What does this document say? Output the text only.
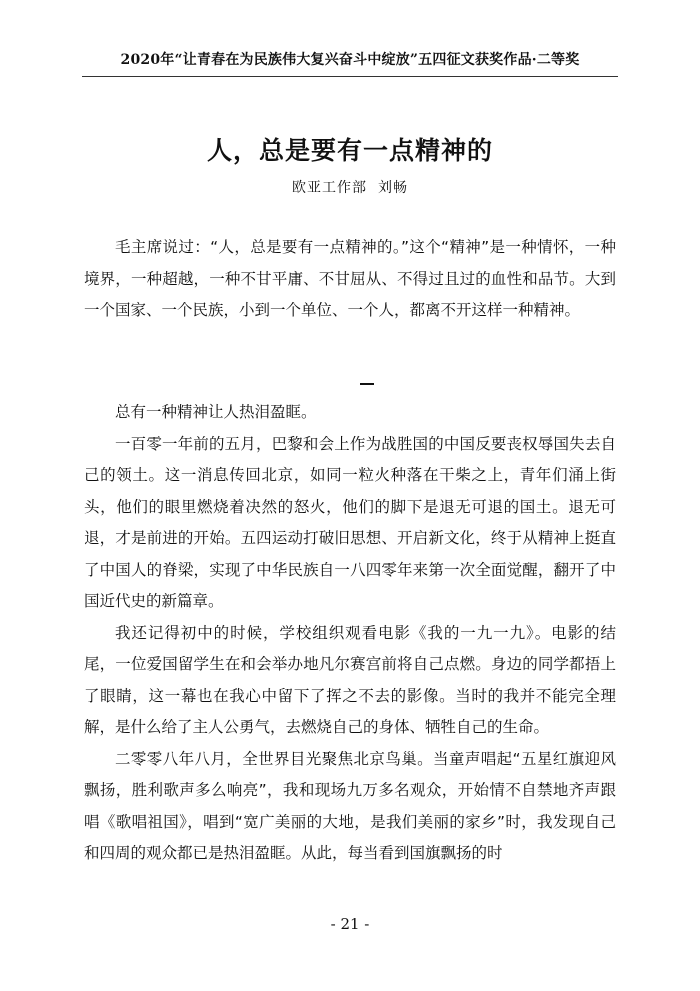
2020年“让青春在为民族伟大复兴奋斗中绽放”五四征文获奖作品·二等奖
人，总是要有一点精神的
欧亚工作部  刘畅

毛主席说过：“人，总是要有一点精神的。”这个“精神”是一种情怀，一种境界，一种超越，一种不甘平庸、不甘屈从、不得过且过的血性和品节。大到一个国家、一个民族，小到一个单位、一个人，都离不开这样一种精神。

总有一种精神让人热泪盈眶。

一百零一年前的五月，巴黎和会上作为战胜国的中国反要丧权辱国失去自己的领土。这一消息传回北京，如同一粒火种落在干柴之上，青年们涌上街头，他们的眼里燃烧着决然的怒火，他们的脚下是退无可退的国土。退无可退，才是前进的开始。五四运动打破旧思想、开启新文化，终于从精神上挺直了中国人的脊梁，实现了中华民族自一八四零年来第一次全面觉醒，翻开了中国近代史的新篇章。

我还记得初中的时候，学校组织观看电影《我的一九一九》。电影的结尾，一位爱国留学生在和会举办地凡尔赛宫前将自己点燃。身边的同学都捂上了眼睛，这一幕也在我心中留下了挥之不去的影像。当时的我并不能完全理解，是什么给了主人公勇气，去燃烧自己的身体、牺牲自己的生命。

二零零八年八月，全世界目光聚焦北京鸟巢。当童声唱起“五星红旗迎风飘扬，胜利歌声多么响亮”，我和现场九万多名观众，开始情不自禁地齐声跟唱《歌唱祖国》，唱到“宽广美丽的大地，是我们美丽的家乡”时，我发现自己和四周的观众都已是热泪盈眶。从此，每当看到国旗飘扬的时

- 21 -
